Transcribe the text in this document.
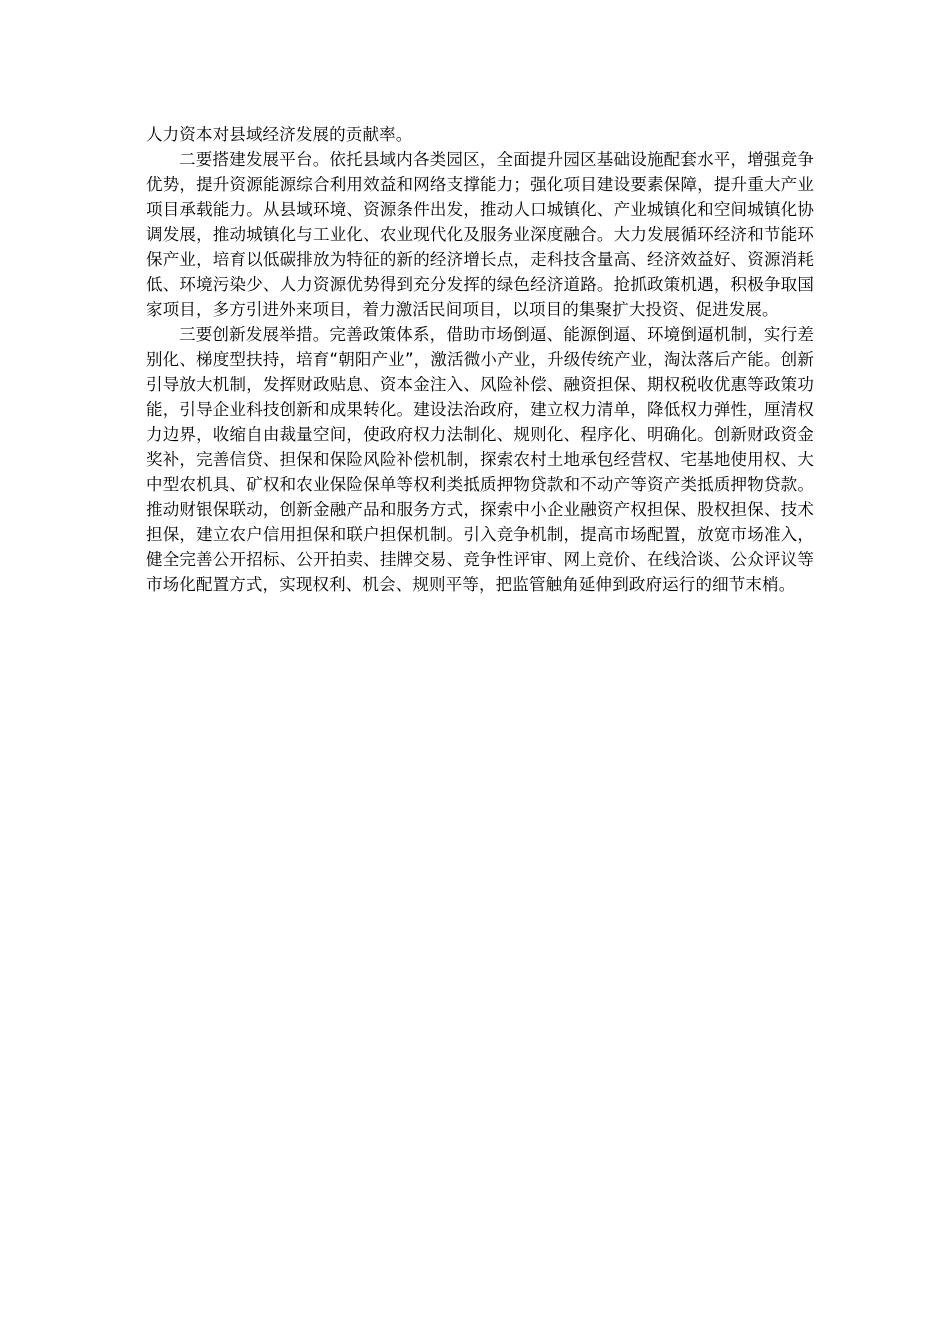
人力资本对县域经济发展的贡献率。

二要搭建发展平台。依托县域内各类园区，全面提升园区基础设施配套水平，增强竞争优势，提升资源能源综合利用效益和网络支撑能力；强化项目建设要素保障，提升重大产业项目承载能力。从县域环境、资源条件出发，推动人口城镇化、产业城镇化和空间城镇化协调发展，推动城镇化与工业化、农业现代化及服务业深度融合。大力发展循环经济和节能环保产业，培育以低碳排放为特征的新的经济增长点，走科技含量高、经济效益好、资源消耗低、环境污染少、人力资源优势得到充分发挥的绿色经济道路。抢抓政策机遇，积极争取国家项目，多方引进外来项目，着力激活民间项目，以项目的集聚扩大投资、促进发展。

三要创新发展举措。完善政策体系，借助市场倒逼、能源倒逼、环境倒逼机制，实行差别化、梯度型扶持，培育“朝阳产业”，激活微小产业，升级传统产业，淘汰落后产能。创新引导放大机制，发挥财政贴息、资本金注入、风险补偿、融资担保、期权税收优惠等政策功能，引导企业科技创新和成果转化。建设法治政府，建立权力清单，降低权力弹性，厘清权力边界，收缩自由裁量空间，使政府权力法制化、规则化、程序化、明确化。创新财政资金奖补，完善信贷、担保和保险风险补偿机制，探索农村土地承包经营权、宅基地使用权、大中型农机具、矿权和农业保险保单等权利类抵质押物贷款和不动产等资产类抵质押物贷款。推动财银保联动，创新金融产品和服务方式，探索中小企业融资产权担保、股权担保、技术担保，建立农户信用担保和联户担保机制。引入竞争机制，提高市场配置，放宽市场准入，健全完善公开招标、公开拍卖、挂牌交易、竞争性评审、网上竞价、在线洽谈、公众评议等市场化配置方式，实现权利、机会、规则平等，把监管触角延伸到政府运行的细节末梢。
